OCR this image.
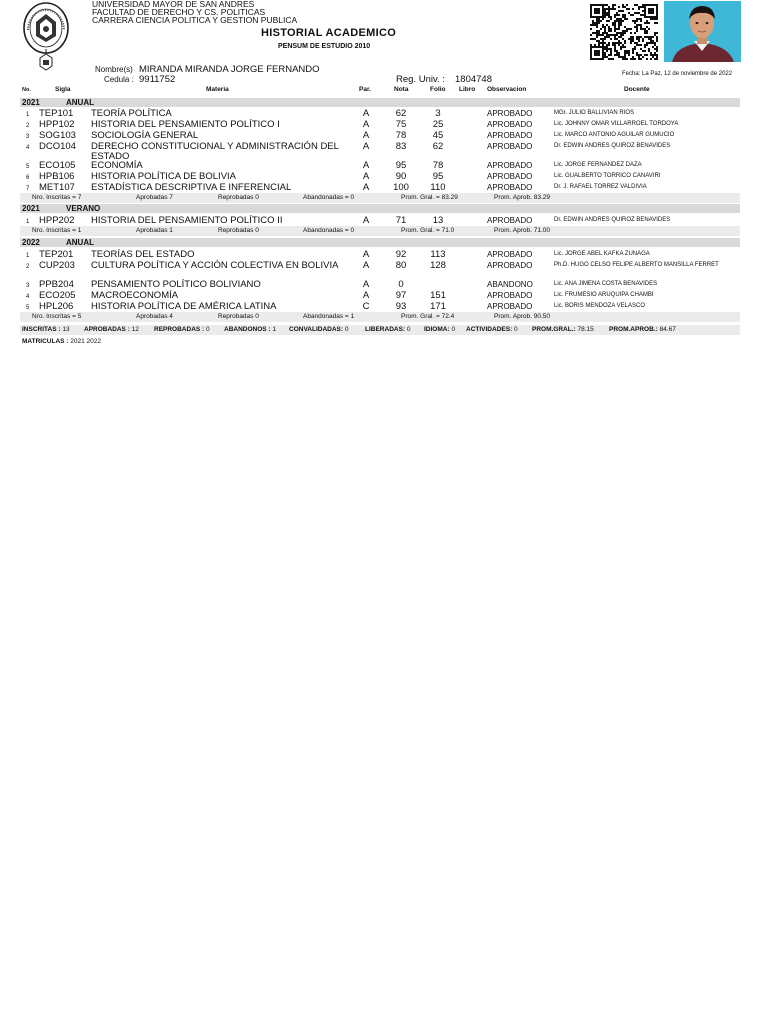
UNIVERSIDAD MAYOR DE SAN ANDRES
FACULTAD DE DERECHO Y CS. POLITICAS
CARRERA CIENCIA POLITICA Y GESTION PUBLICA
HISTORIAL ACADEMICO
PENSUM DE ESTUDIO 2010
Fecha: La Paz, 12 de noviembre de 2022
Nombre(s) MIRANDA MIRANDA JORGE FERNANDO
Cedula : 9911752	Reg. Univ. : 1804748
No.	Sigla	Materia	Par.	Nota	Folio Libro Observacion	Docente
2021	ANUAL
1 TEP101 TEORÍA POLÍTICA	A	62	3	APROBADO	MGr. JULIO BALLIVIAN RIOS
2 HPP102 HISTORIA DEL PENSAMIENTO POLÍTICO I	A	75	25	APROBADO	Lic. JOHNNY OMAR VILLARROEL TORDOYA
3 SOG103 SOCIOLOGÍA GENERAL	A	78	45	APROBADO	Lic. MARCO ANTONIO AGUILAR GUMUCIO
4 DCO104 DERECHO CONSTITUCIONAL Y ADMINISTRACIÓN DEL ESTADO
A	83	62	APROBADO	Dr. EDWIN ANDRES QUIROZ BENAVIDES
5 ECO105 ECONOMÍA	A	95	78	APROBADO	Lic. JORGE FERNANDEZ DAZA
6 HPB106 HISTORIA POLÍTICA DE BOLIVIA	A	90	95	APROBADO	Lic. GUALBERTO TORRICO CANAVIRI
7 MET107 ESTADÍSTICA DESCRIPTIVA E INFERENCIAL	A	100	110	APROBADO	Dr. J. RAFAEL TORREZ VALDIVIA
Nro. Inscritas = 7	Aprobadas 7	Reprobadas 0	Abandonadas = 0	Prom. Gral. = 83.29	Prom. Aprob. 83.29
2021	VERANO
1 HPP202 HISTORIA DEL PENSAMIENTO POLÍTICO II	A	71	13	APROBADO	Dr. EDWIN ANDRES QUIROZ BENAVIDES
Nro. Inscritas = 1	Aprobadas 1	Reprobadas 0	Abandonadas = 0	Prom. Gral. = 71.0	Prom. Aprob. 71.00
2022	ANUAL
1 TEP201 TEORÍAS DEL ESTADO	A	92	113	APROBADO	Lic. JORGE ABEL KAFKA ZUNAGA
2 CUP203 CULTURA POLÍTICA Y ACCIÓN COLECTIVA EN BOLIVIA	A	80	128	APROBADO	Ph.D. HUGO CELSO FELIPE ALBERTO MANSILLA FERRET
3 PPB204 PENSAMIENTO POLÍTICO BOLIVIANO	A	0	ABANDONO	Lic. ANA JIMENA COSTA BENAVIDES
4 ECO205 MACROECONOMÍA	A	97	151	APROBADO	Lic. FRUMESIO ARUQUIPA CHAMBI
5 HPL206 HISTORIA POLÍTICA DE AMÉRICA LATINA	C	93	171	APROBADO	Lic. BORIS MENDOZA VELASCO
Nro. Inscritas = 5	Aprobadas 4	Reprobadas 0	Abandonadas = 1	Prom. Gral. = 72.4	Prom. Aprob. 90.50
INSCRITAS : 13 APROBADAS : 12 REPROBADAS : 0 ABANDONOS : 1 CONVALIDADAS: 0	LIBERADAS: 0 IDIOMA: 0 ACTIVIDADES: 0 PROM.GRAL.: 78.15 PROM.APROB.: 84.67
MATRICULAS : 2021 2022
